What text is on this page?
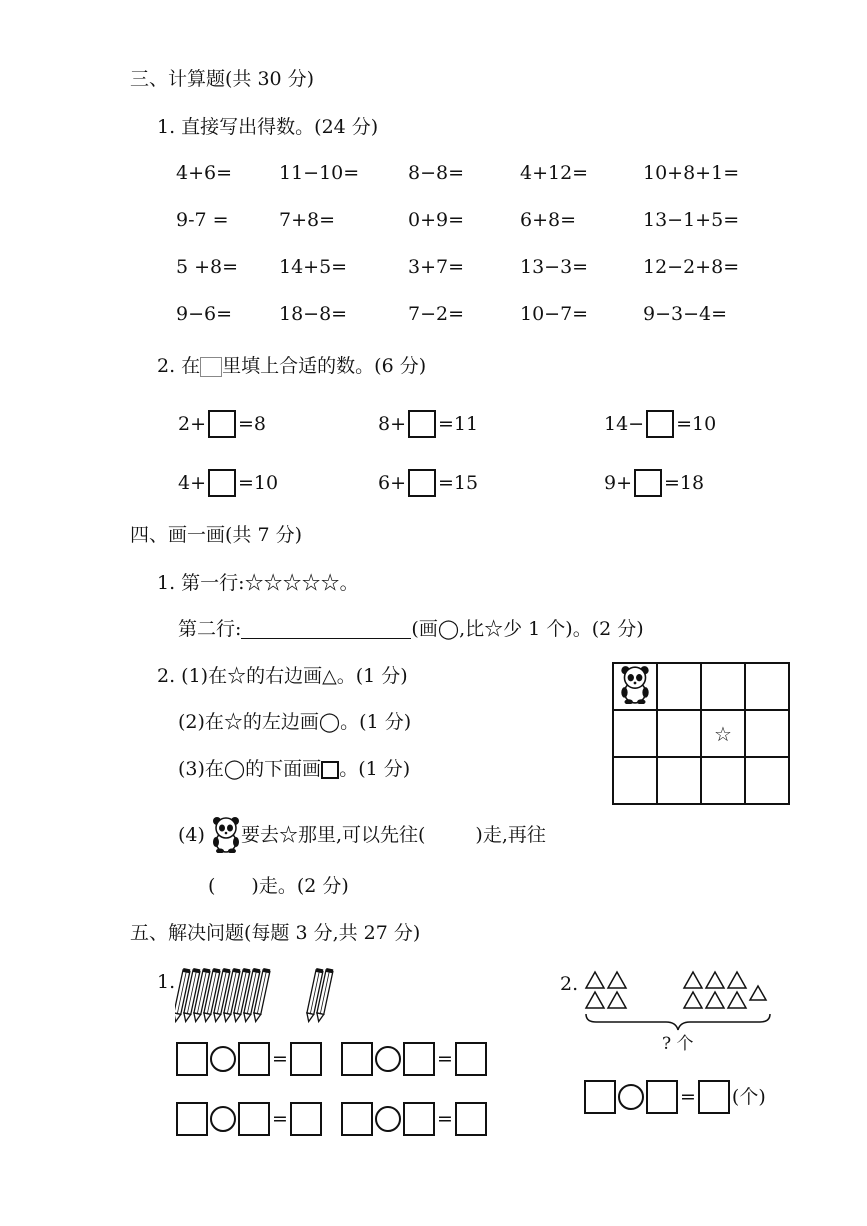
三、计算题(共 30 分)
1. 直接写出得数。(24 分)
4+6= 11−10=	8−8=	4+12=	10+8+1=
9-7 =	7+8=	0+9=	6+8=	13−1+5=
5 +8= 14+5=	3+7=	13−3=	12−2+8=
9−6= 18−8=	7−2=	10−7=	9−3−4=
2. 在 里填上合适的数。(6 分)
2+ =8	8+ =11	14− =10
4+ =10	6+ =15	9+ =18
四、画一画(共 7 分)
1. 第一行:☆☆☆☆☆。
第二行:	(画◯,比☆少 1 个)。(2 分)
2. (1)在☆的右边画△。(1 分)
(2)在☆的左边画◯。(1 分)
(3)在◯的下面画 。(1 分)
(4) 要去☆那里,可以先往(	)走,再往
( )走。(2 分)

		☆	

五、解决问题(每题 3 分,共 27 分)
1.
=	=
=	=
2.
? 个
= (个)
